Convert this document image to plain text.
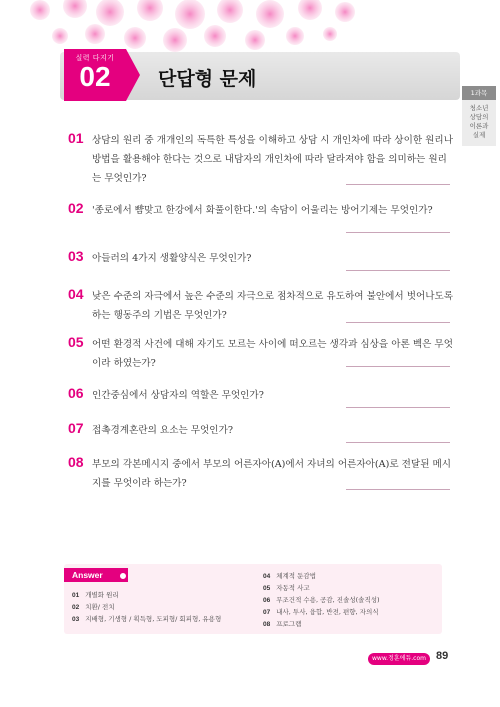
실력 다지기
02	단답형 문제
1과목
청소년
상담의
이론과
실제
01 상담의 원리 중 개개인의 독특한 특성을 이해하고 상담 시 개인차에 따라 상이한 원리나 방법을 활용해야 한다는 것으로 내담자의 개인차에 따라 달라져야 함을 의미하는 원리는 무엇인가?
02 '종로에서 뺨맞고 한강에서 화풀이한다.'의 속담이 어울리는 방어기제는 무엇인가?
03 아들러의 4가지 생활양식은 무엇인가?
04 낮은 수준의 자극에서 높은 수준의 자극으로 점차적으로 유도하여 불안에서 벗어나도록 하는 행동주의 기법은 무엇인가?
05 어떤 환경적 사건에 대해 자기도 모르는 사이에 떠오르는 생각과 심상을 아론 벡은 무엇이라 하였는가?
06 인간중심에서 상담자의 역할은 무엇인가?
07 접촉경계혼란의 요소는 무엇인가?
08 부모의 각본메시지 중에서 부모의 어른자아(A)에서 자녀의 어른자아(A)로 전달된 메시지를 무엇이라 하는가?
Answer
01 개별화 원리
02 치환/ 전치
03 지배형, 기생형 / 획득형, 도피형/ 회피형, 유용형
04 체계적 둔감법
05 자동적 사고
06 무조건적 수용, 공감, 진솔성(솔직성)
07 내사, 투사, 융합, 반전, 편향, 자의식
08 프로그램
www.정훈에듀.com 89
